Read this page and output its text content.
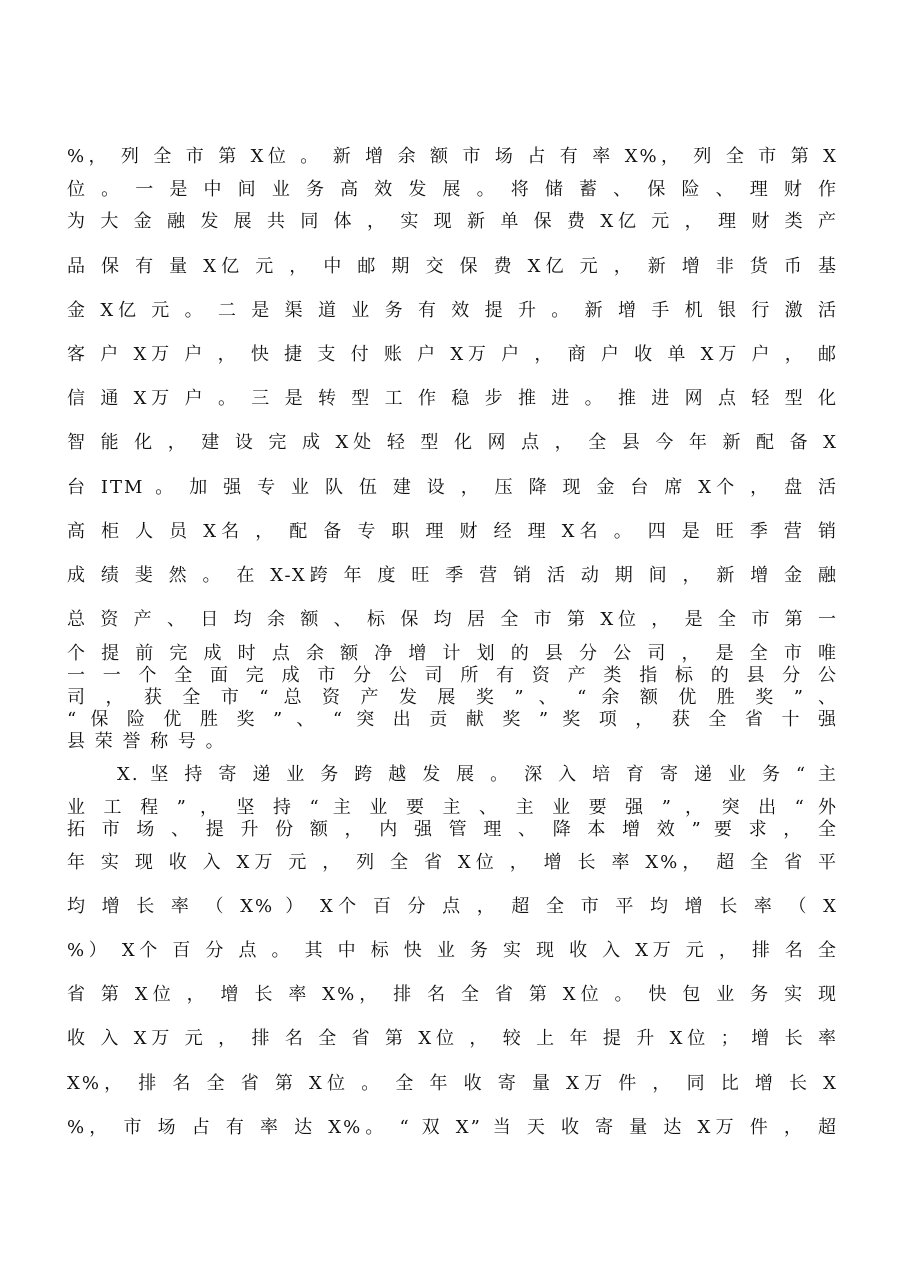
%， 列 全 市 第 X位 。 新 增 余 额 市 场 占 有 率 X%， 列 全 市 第 X
位 。 一 是 中 间 业 务 高 效 发 展 。 将 储 蓄 、 保 险 、 理 财 作
为 大 金 融 发 展 共 同 体 ， 实 现 新 单 保 费 X亿 元 ， 理 财 类 产
品 保 有 量 X亿 元 ， 中 邮 期 交 保 费 X亿 元 ， 新 增 非 货 币 基
金 X亿 元 。 二 是 渠 道 业 务 有 效 提 升 。 新 增 手 机 银 行 激 活
客 户 X万 户 ， 快 捷 支 付 账 户 X万 户 ， 商 户 收 单 X万 户 ， 邮
信 通 X万 户 。 三 是 转 型 工 作 稳 步 推 进 。 推 进 网 点 轻 型 化
智 能 化 ， 建 设 完 成 X处 轻 型 化 网 点 ， 全 县 今 年 新 配 备 X
台 ITM 。 加 强 专 业 队 伍 建 设 ， 压 降 现 金 台 席 X个 ， 盘 活
高 柜 人 员 X名 ， 配 备 专 职 理 财 经 理 X名 。 四 是 旺 季 营 销
成 绩 斐 然 。 在 X-X跨 年 度 旺 季 营 销 活 动 期 间 ， 新 增 金 融
总 资 产 、 日 均 余 额 、 标 保 均 居 全 市 第 X位 ， 是 全 市 第 一
个 提 前 完 成 时 点 余 额 净 增 计 划 的 县 分 公 司 ， 是 全 市 唯
一 一 个 全 面 完 成 市 分 公 司 所 有 资 产 类 指 标 的 县 分 公
司 ， 获 全 市 “ 总 资 产 发 展 奖 ” 、 “ 余 额 优 胜 奖 ” 、
“ 保 险 优 胜 奖 ” 、 “ 突 出 贡 献 奖 ” 奖 项 ， 获 全 省 十 强
县 荣 誉 称 号 。
X. 坚 持 寄 递 业 务 跨 越 发 展 。 深 入 培 育 寄 递 业 务 “ 主
业 工 程 ” ， 坚 持 “ 主 业 要 主 、 主 业 要 强 ” ， 突 出 “ 外
拓 市 场 、 提 升 份 额 ， 内 强 管 理 、 降 本 增 效 ” 要 求 ， 全
年 实 现 收 入 X万 元 ， 列 全 省 X位 ， 增 长 率 X%， 超 全 省 平
均 增 长 率 （ X% ） X个 百 分 点 ， 超 全 市 平 均 增 长 率 （ X
%） X个 百 分 点 。 其 中 标 快 业 务 实 现 收 入 X万 元 ， 排 名 全
省 第 X位 ， 增 长 率 X%， 排 名 全 省 第 X位 。 快 包 业 务 实 现
收 入 X万 元 ， 排 名 全 省 第 X位 ， 较 上 年 提 升 X位 ； 增 长 率
X%， 排 名 全 省 第 X位 。 全 年 收 寄 量 X万 件 ， 同 比 增 长 X
%， 市 场 占 有 率 达 X%。 “ 双 X” 当 天 收 寄 量 达 X万 件 ， 超
